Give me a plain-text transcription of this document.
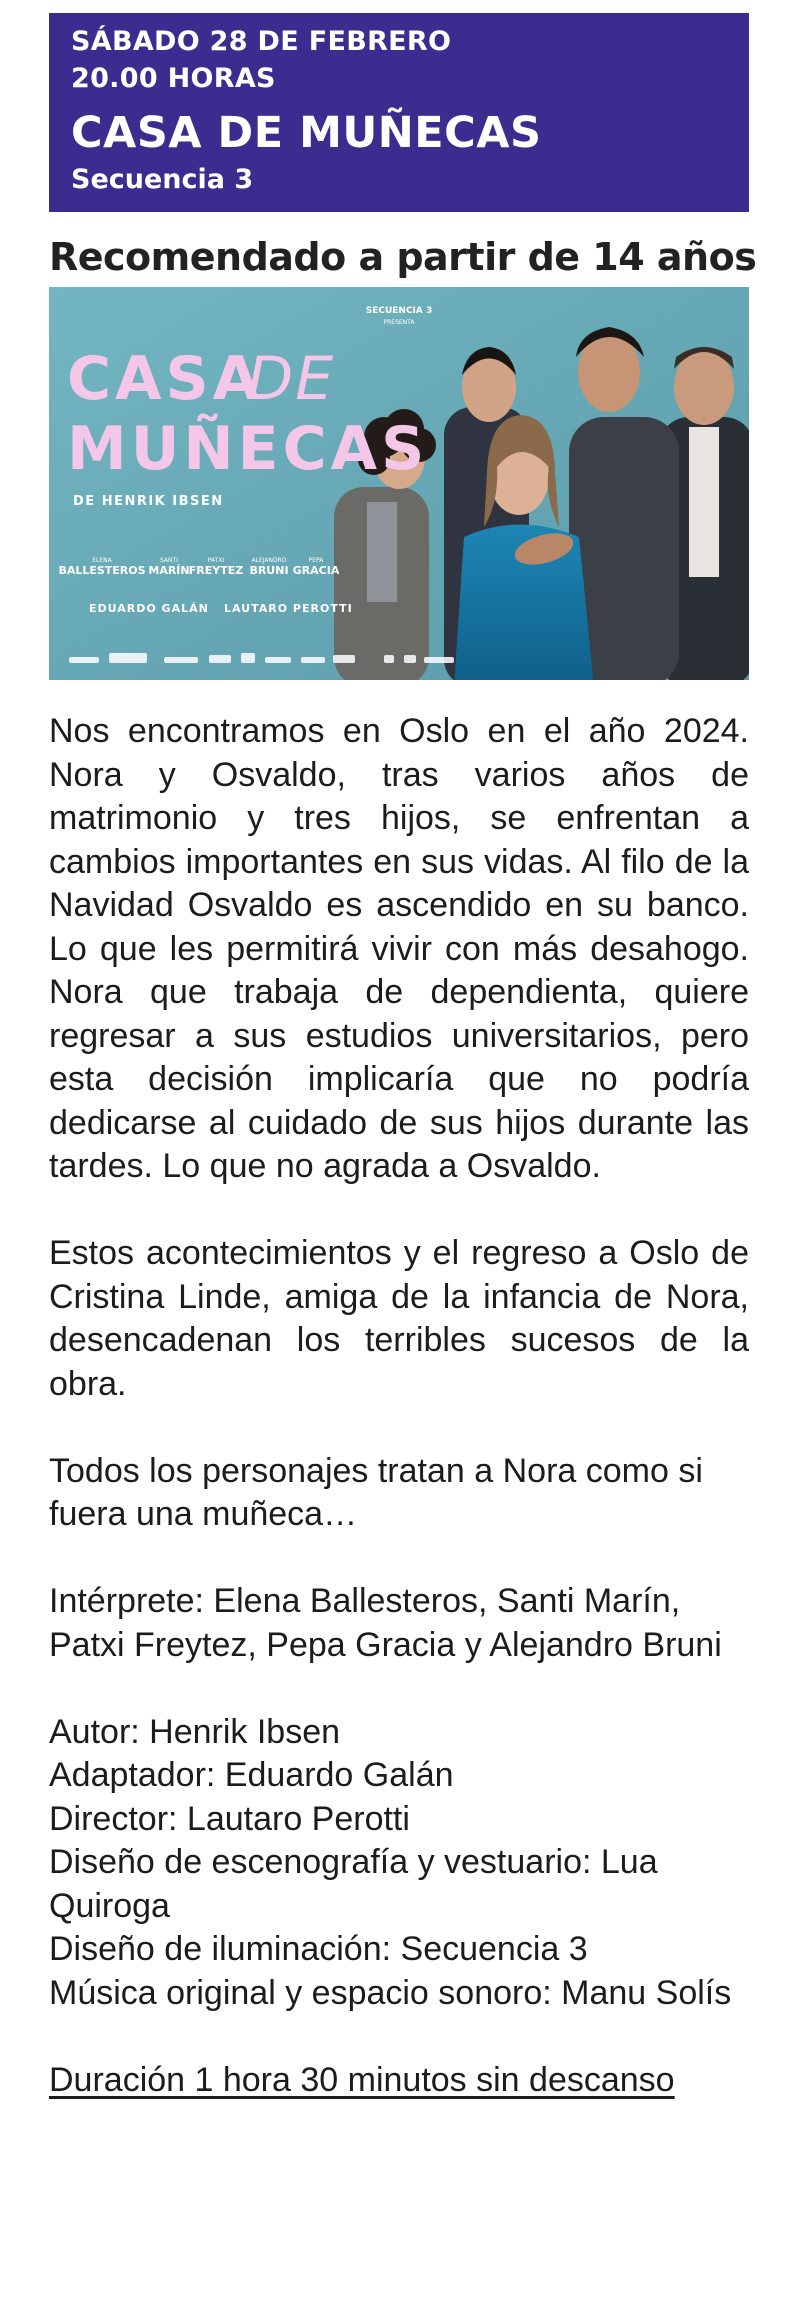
SÁBADO 28 DE FEBRERO
20.00 HORAS
CASA DE MUÑECAS
Secuencia 3
Recomendado a partir de 14 años
SECUENCIA 3
PRESENTA
CASA
DE
MUÑECAS
DE HENRIK IBSEN
ELENA
BALLESTEROS
SANTI
MARÍN
PATXI
FREYTEZ
ALEJANDRO
BRUNI
PEPA
GRACIA
EDUARDO GALÁN LAUTARO PEROTTI

Nos encontramos en Oslo en el año 2024. Nora y Osvaldo, tras varios años de matrimonio y tres hijos, se enfrentan a cambios importantes en sus vidas. Al filo de la Navidad Osvaldo es ascendido en su banco. Lo que les permitirá vivir con más desahogo. Nora que trabaja de dependienta, quiere regresar a sus estudios universitarios, pero esta decisión implicaría que no podría dedicarse al cuidado de sus hijos durante las tardes. Lo que no agrada a Osvaldo.

Estos acontecimientos y el regreso a Oslo de Cristina Linde, amiga de la infancia de Nora, desencadenan los terribles sucesos de la obra.

Todos los personajes tratan a Nora como si fuera una muñeca…

Intérprete: Elena Ballesteros, Santi Marín, Patxi Freytez, Pepa Gracia y Alejandro Bruni

Autor: Henrik Ibsen
Adaptador: Eduardo Galán
Director: Lautaro Perotti
Diseño de escenografía y vestuario: Lua Quiroga
Diseño de iluminación: Secuencia 3
Música original y espacio sonoro: Manu Solís

Duración 1 hora 30 minutos sin descanso
